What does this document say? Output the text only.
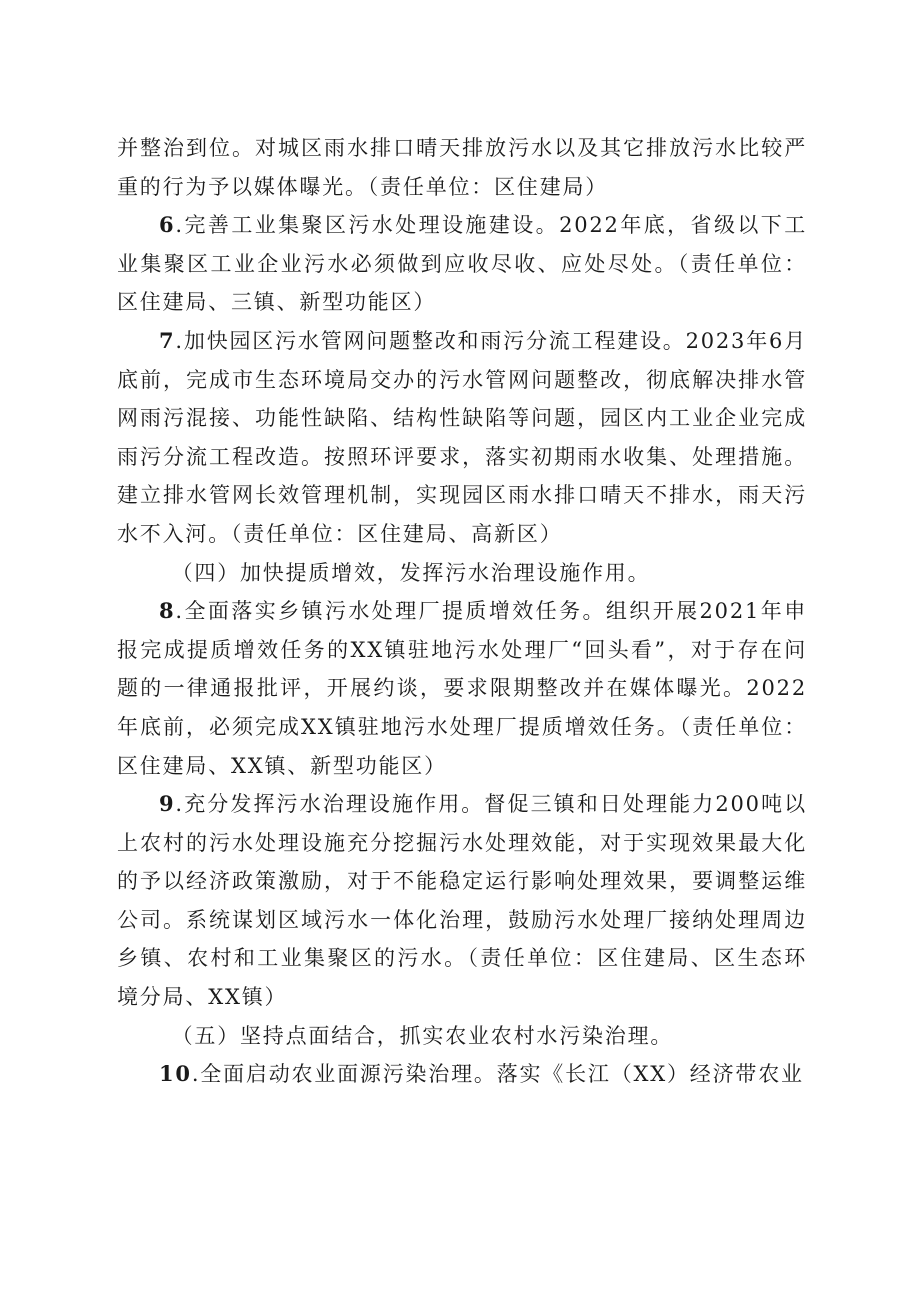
并整治到位。对城区雨水排口晴天排放污水以及其它排放污水比较严重的行为予以媒体曝光。（责任单位：区住建局）

6.完善工业集聚区污水处理设施建设。2022年底，省级以下工业集聚区工业企业污水必须做到应收尽收、应处尽处。（责任单位：区住建局、三镇、新型功能区）

7.加快园区污水管网问题整改和雨污分流工程建设。2023年6月底前，完成市生态环境局交办的污水管网问题整改，彻底解决排水管网雨污混接、功能性缺陷、结构性缺陷等问题，园区内工业企业完成雨污分流工程改造。按照环评要求，落实初期雨水收集、处理措施。建立排水管网长效管理机制，实现园区雨水排口晴天不排水，雨天污水不入河。（责任单位：区住建局、高新区）

（四）加快提质增效，发挥污水治理设施作用。

8.全面落实乡镇污水处理厂提质增效任务。组织开展2021年申报完成提质增效任务的XX镇驻地污水处理厂“回头看”，对于存在问题的一律通报批评，开展约谈，要求限期整改并在媒体曝光。2022年底前，必须完成XX镇驻地污水处理厂提质增效任务。（责任单位：区住建局、XX镇、新型功能区）

9.充分发挥污水治理设施作用。督促三镇和日处理能力200吨以上农村的污水处理设施充分挖掘污水处理效能，对于实现效果最大化的予以经济政策激励，对于不能稳定运行影响处理效果，要调整运维公司。系统谋划区域污水一体化治理，鼓励污水处理厂接纳处理周边乡镇、农村和工业集聚区的污水。（责任单位：区住建局、区生态环境分局、XX镇）

（五）坚持点面结合，抓实农业农村水污染治理。

10.全面启动农业面源污染治理。落实《长江（XX）经济带农业
